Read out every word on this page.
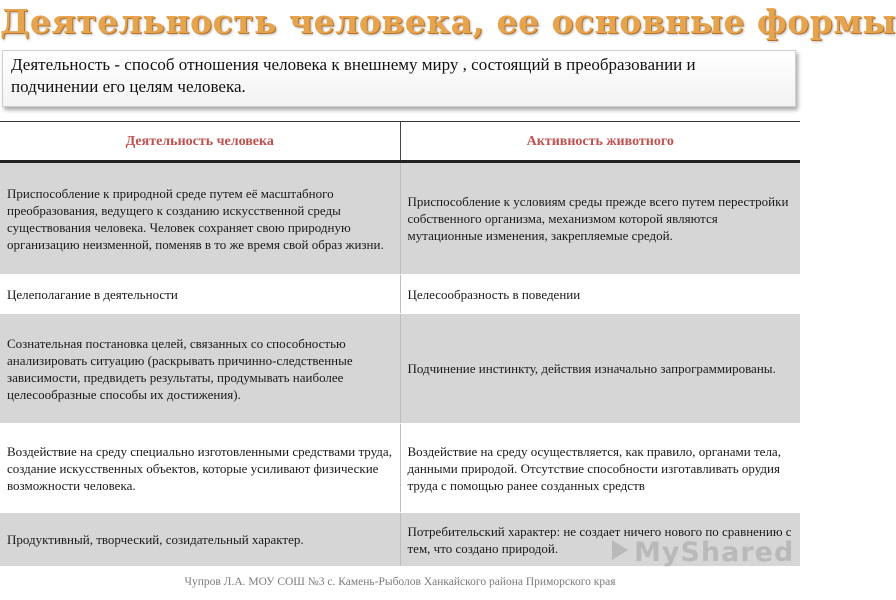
Деятельность человека, ее основные формы
Деятельность - способ отношения человека к внешнему миру , состоящий в преобразовании и подчинении его целям человека.
Деятельность человека	Активность животного
Приспособление к природной среде путем её масштабного преобразования, ведущего к созданию искусственной среды существования человека. Человек сохраняет свою природную организацию неизменной, поменяв в то же время свой образ жизни.	Приспособление к условиям среды прежде всего путем перестройки собственного организма, механизмом которой являются мутационные изменения, закрепляемые средой.
Целеполагание в деятельности	Целесообразность в поведении
Сознательная постановка целей, связанных со способностью анализировать ситуацию (раскрывать причинно-следственные зависимости, предвидеть результаты, продумывать наиболее целесообразные способы их достижения).	Подчинение инстинкту, действия изначально запрограммированы.
Воздействие на среду специально изготовленными средствами труда, создание искусственных объектов, которые усиливают физические возможности человека.	Воздействие на среду осуществляется, как правило, органами тела, данными природой. Отсутствие способности изготавливать орудия труда с помощью ранее созданных средств
Продуктивный, творческий, созидательный характер.	Потребительский характер: не создает ничего нового по сравнению с тем, что создано природой.	MyShared
Чупров Л.А. МОУ СОШ №3 с. Камень-Рыболов Ханкайского района Приморского края
